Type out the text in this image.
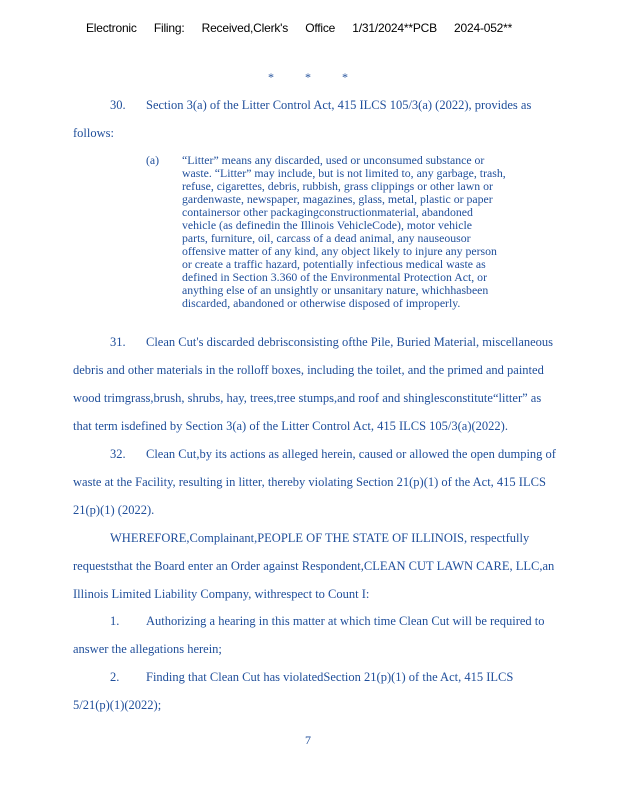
Electronic Filing: Received,Clerk's Office 1/31/2024**PCB 2024-052**
*	*	*
30. Section 3(a) of the Litter Control Act, 415 ILCS 105/3(a) (2022), provides as
follows:
(a) “Litter” means any discarded, used or unconsumed substance or
waste. “Litter” may include, but is not limited to, any garbage, trash,
refuse, cigarettes, debris, rubbish, grass clippings or other lawn or
gardenwaste, newspaper, magazines, glass, metal, plastic or paper
containersor other packagingconstructionmaterial, abandoned
vehicle (as definedin the Illinois VehicleCode), motor vehicle
parts, furniture, oil, carcass of a dead animal, any nauseousor
offensive matter of any kind, any object likely to injure any person
or create a traffic hazard, potentially infectious medical waste as
defined in Section 3.360 of the Environmental Protection Act, or
anything else of an unsightly or unsanitary nature, whichhasbeen
discarded, abandoned or otherwise disposed of improperly.
31. Clean Cut's discarded debrisconsisting ofthe Pile, Buried Material, miscellaneous
debris and other materials in the rolloff boxes, including the toilet, and the primed and painted
wood trimgrass,brush, shrubs, hay, trees,tree stumps,and roof and shinglesconstitute“litter” as
that term isdefined by Section 3(a) of the Litter Control Act, 415 ILCS 105/3(a)(2022).
32. Clean Cut,by its actions as alleged herein, caused or allowed the open dumping of
waste at the Facility, resulting in litter, thereby violating Section 21(p)(1) of the Act, 415 ILCS
21(p)(1) (2022).
WHEREFORE,Complainant,PEOPLE OF THE STATE OF ILLINOIS, respectfully
requeststhat the Board enter an Order against Respondent,CLEAN CUT LAWN CARE, LLC,an
Illinois Limited Liability Company, withrespect to Count I:
1. Authorizing a hearing in this matter at which time Clean Cut will be required to
answer the allegations herein;
2. Finding that Clean Cut has violatedSection 21(p)(1) of the Act, 415 ILCS
5/21(p)(1)(2022);
7
